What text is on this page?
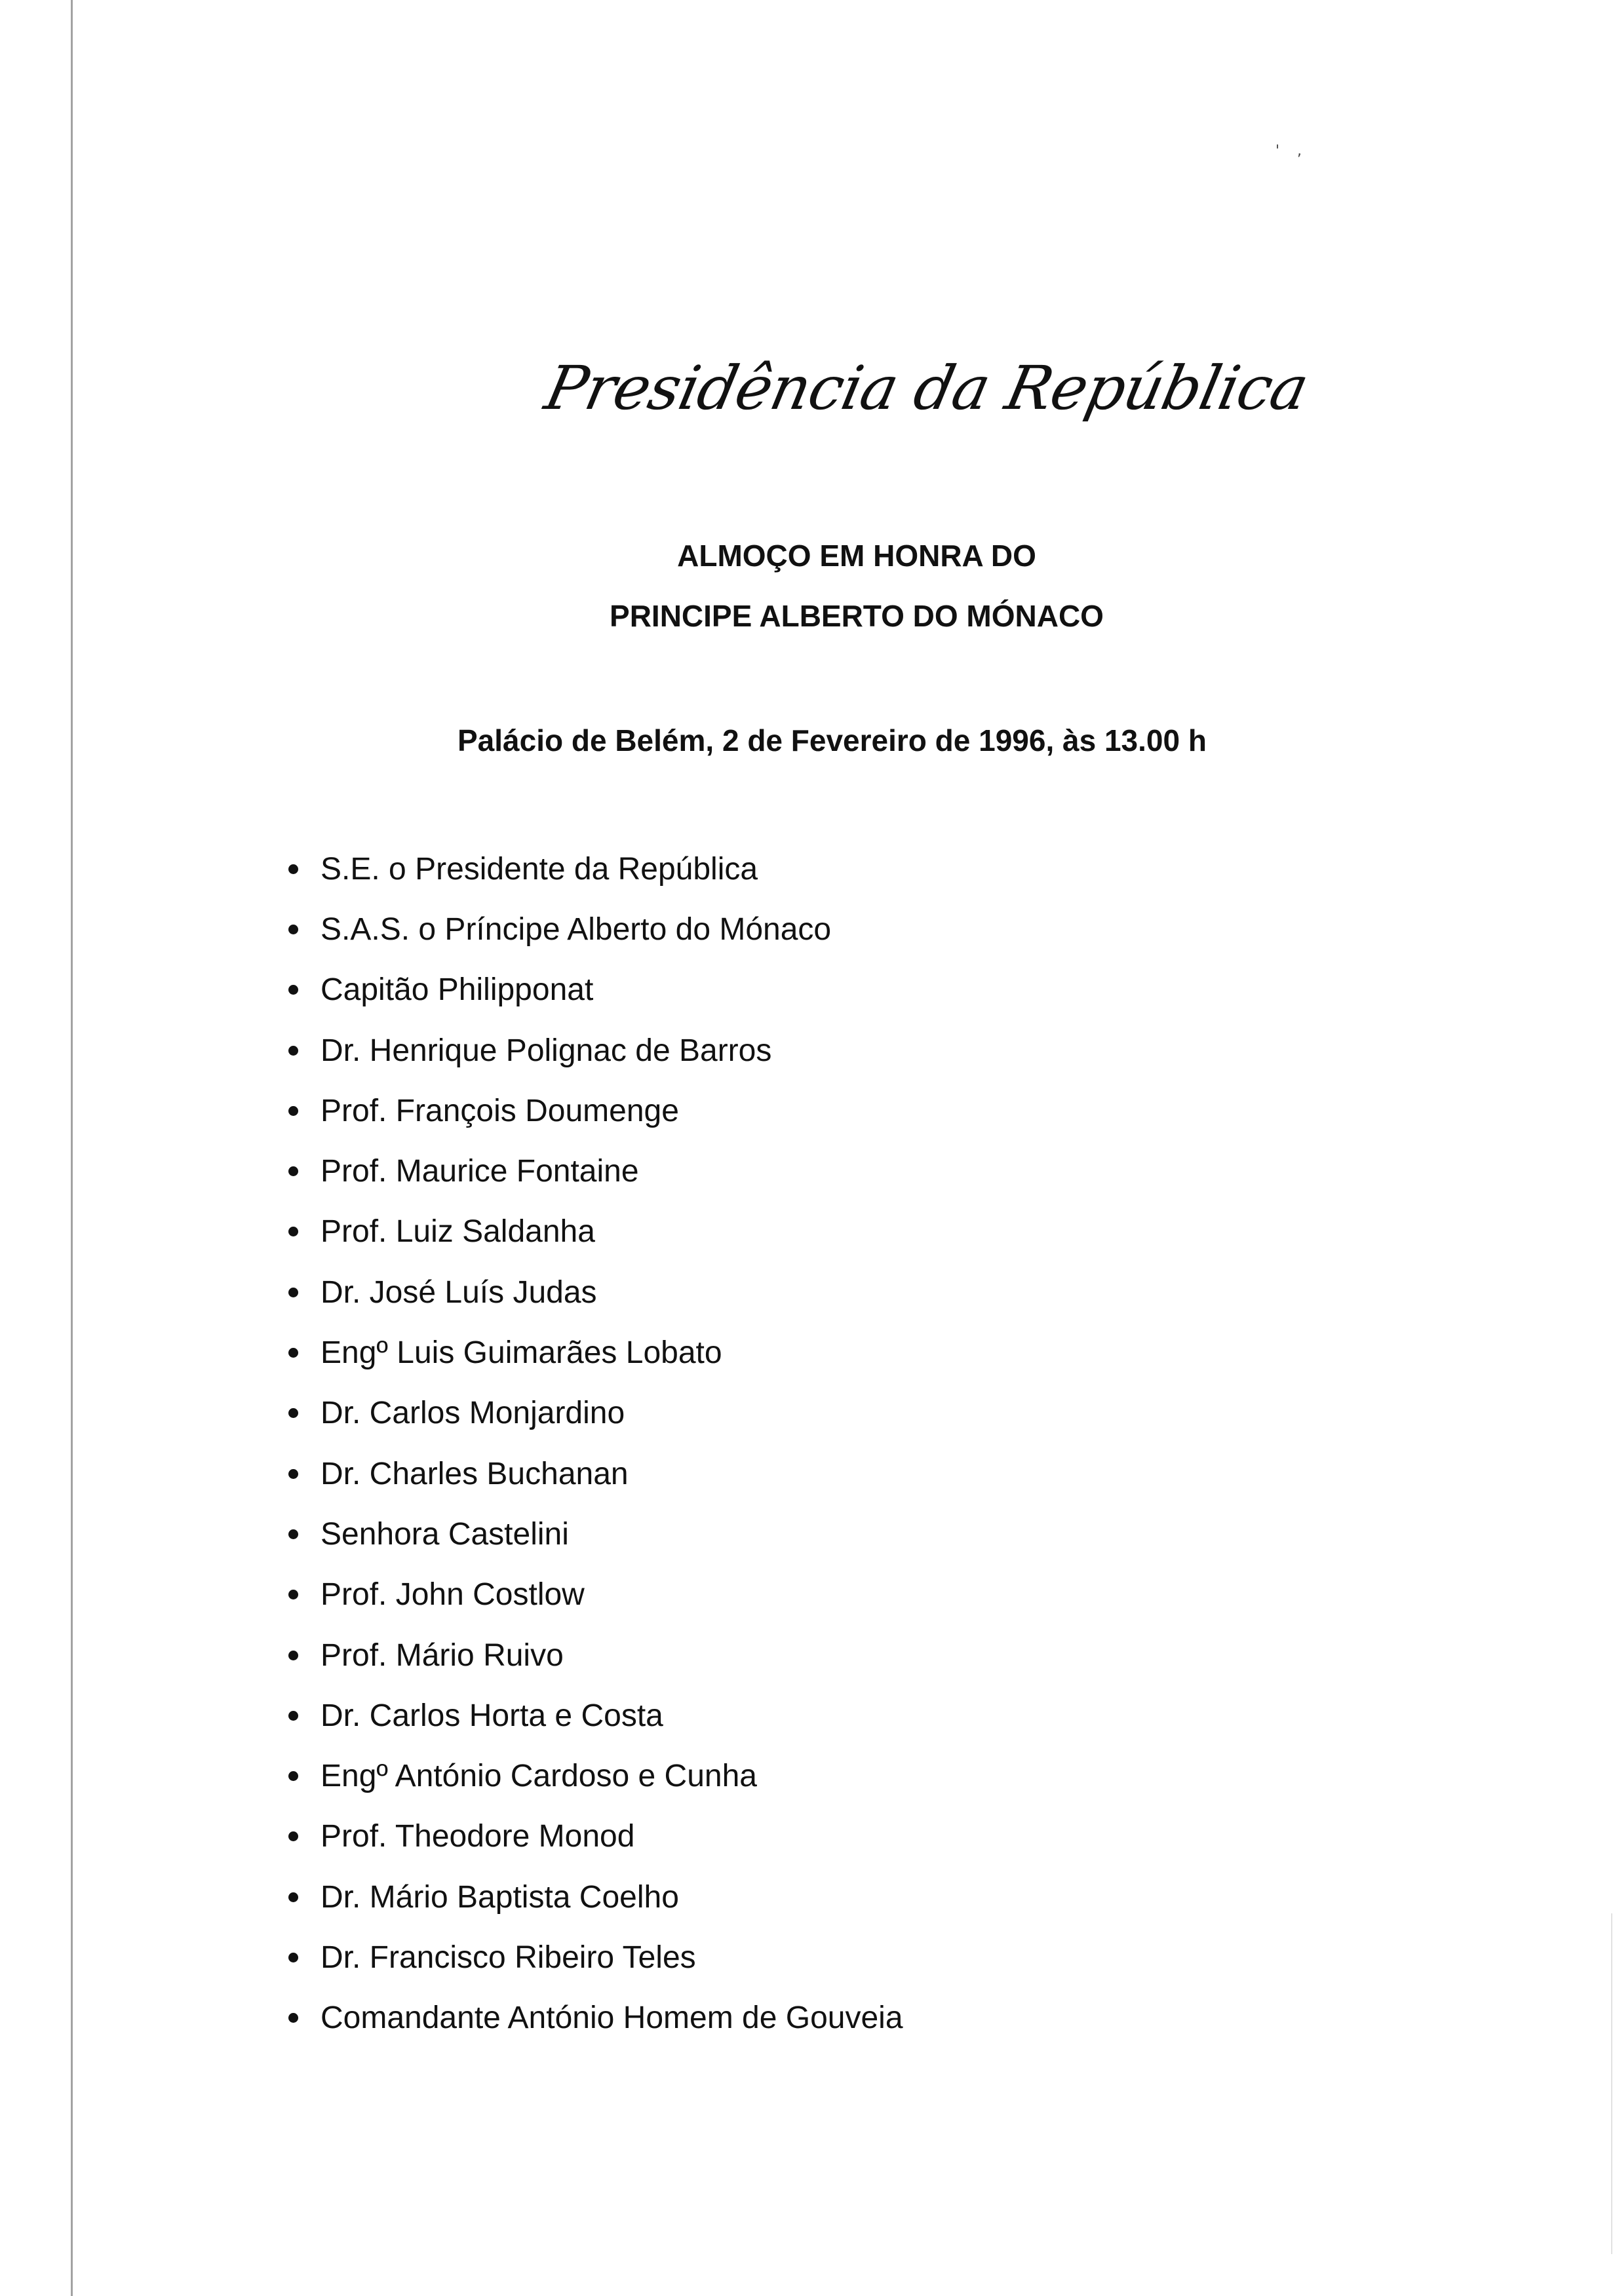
' ,
Presidência da República
ALMOÇO EM HONRA DO
PRINCIPE ALBERTO DO MÓNACO
Palácio de Belém, 2 de Fevereiro de 1996, às 13.00 h
S.E. o Presidente da República
S.A.S. o Príncipe Alberto do Mónaco
Capitão Philipponat
Dr. Henrique Polignac de Barros
Prof. François Doumenge
Prof. Maurice Fontaine
Prof. Luiz Saldanha
Dr. José Luís Judas
Engº Luis Guimarães Lobato
Dr. Carlos Monjardino
Dr. Charles Buchanan
Senhora Castelini
Prof. John Costlow
Prof. Mário Ruivo
Dr. Carlos Horta e Costa
Engº António Cardoso e Cunha
Prof. Theodore Monod
Dr. Mário Baptista Coelho
Dr. Francisco Ribeiro Teles
Comandante António Homem de Gouveia
